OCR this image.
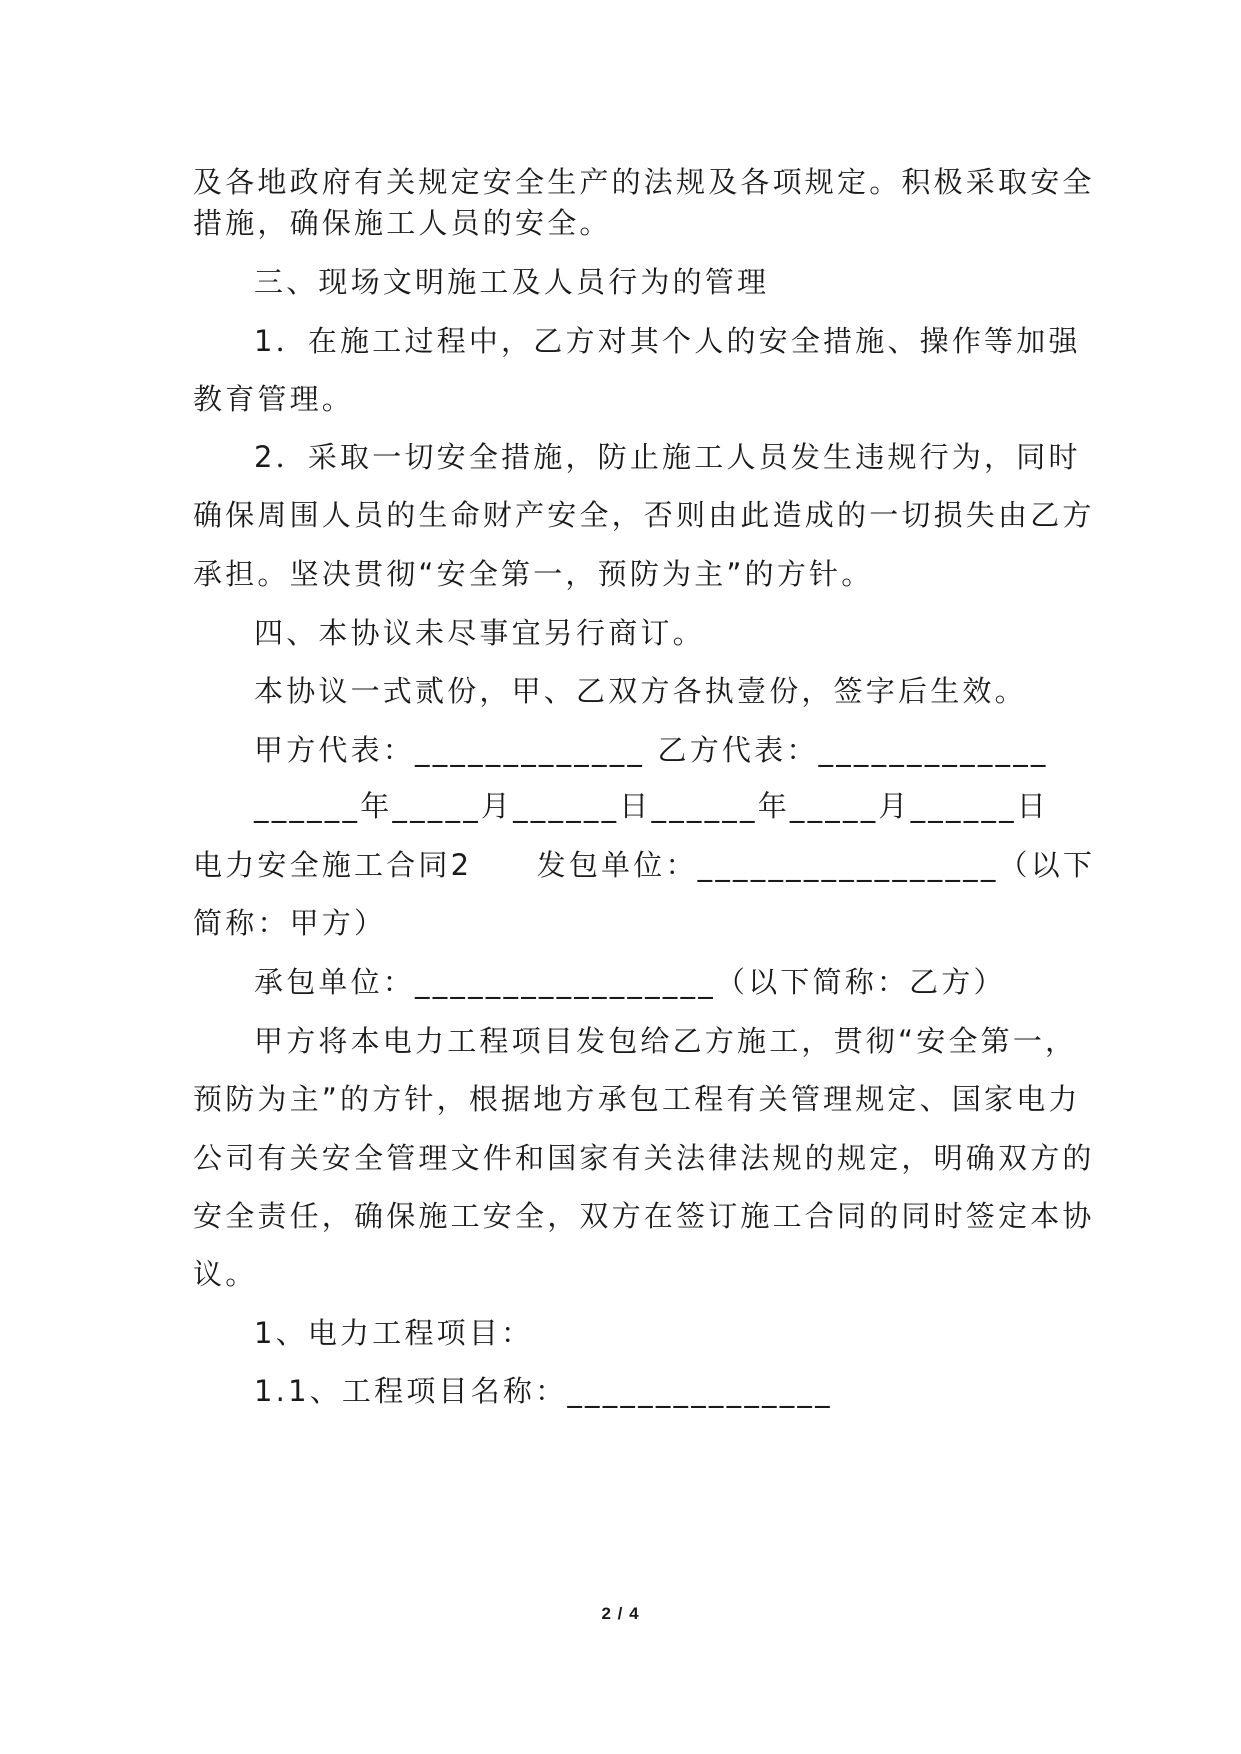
及各地政府有关规定安全生产的法规及各项规定。积极采取安全
措施，确保施工人员的安全。
三、现场文明施工及人员行为的管理
1．在施工过程中，乙方对其个人的安全措施、操作等加强
教育管理。
2．采取一切安全措施，防止施工人员发生违规行为，同时
确保周围人员的生命财产安全，否则由此造成的一切损失由乙方
承担。坚决贯彻“安全第一，预防为主”的方针。
四、本协议未尽事宜另行商订。
本协议一式贰份，甲、乙双方各执壹份，签字后生效。
甲方代表：_____________ 乙方代表：_____________
______年_____月______日______年_____月______日
电力安全施工合同2　　发包单位：_________________（以下
简称：甲方）
承包单位：_________________（以下简称：乙方）
甲方将本电力工程项目发包给乙方施工，贯彻“安全第一，
预防为主”的方针，根据地方承包工程有关管理规定、国家电力
公司有关安全管理文件和国家有关法律法规的规定，明确双方的
安全责任，确保施工安全，双方在签订施工合同的同时签定本协
议。
1、电力工程项目：
1.1、工程项目名称：_______________
2 / 4
